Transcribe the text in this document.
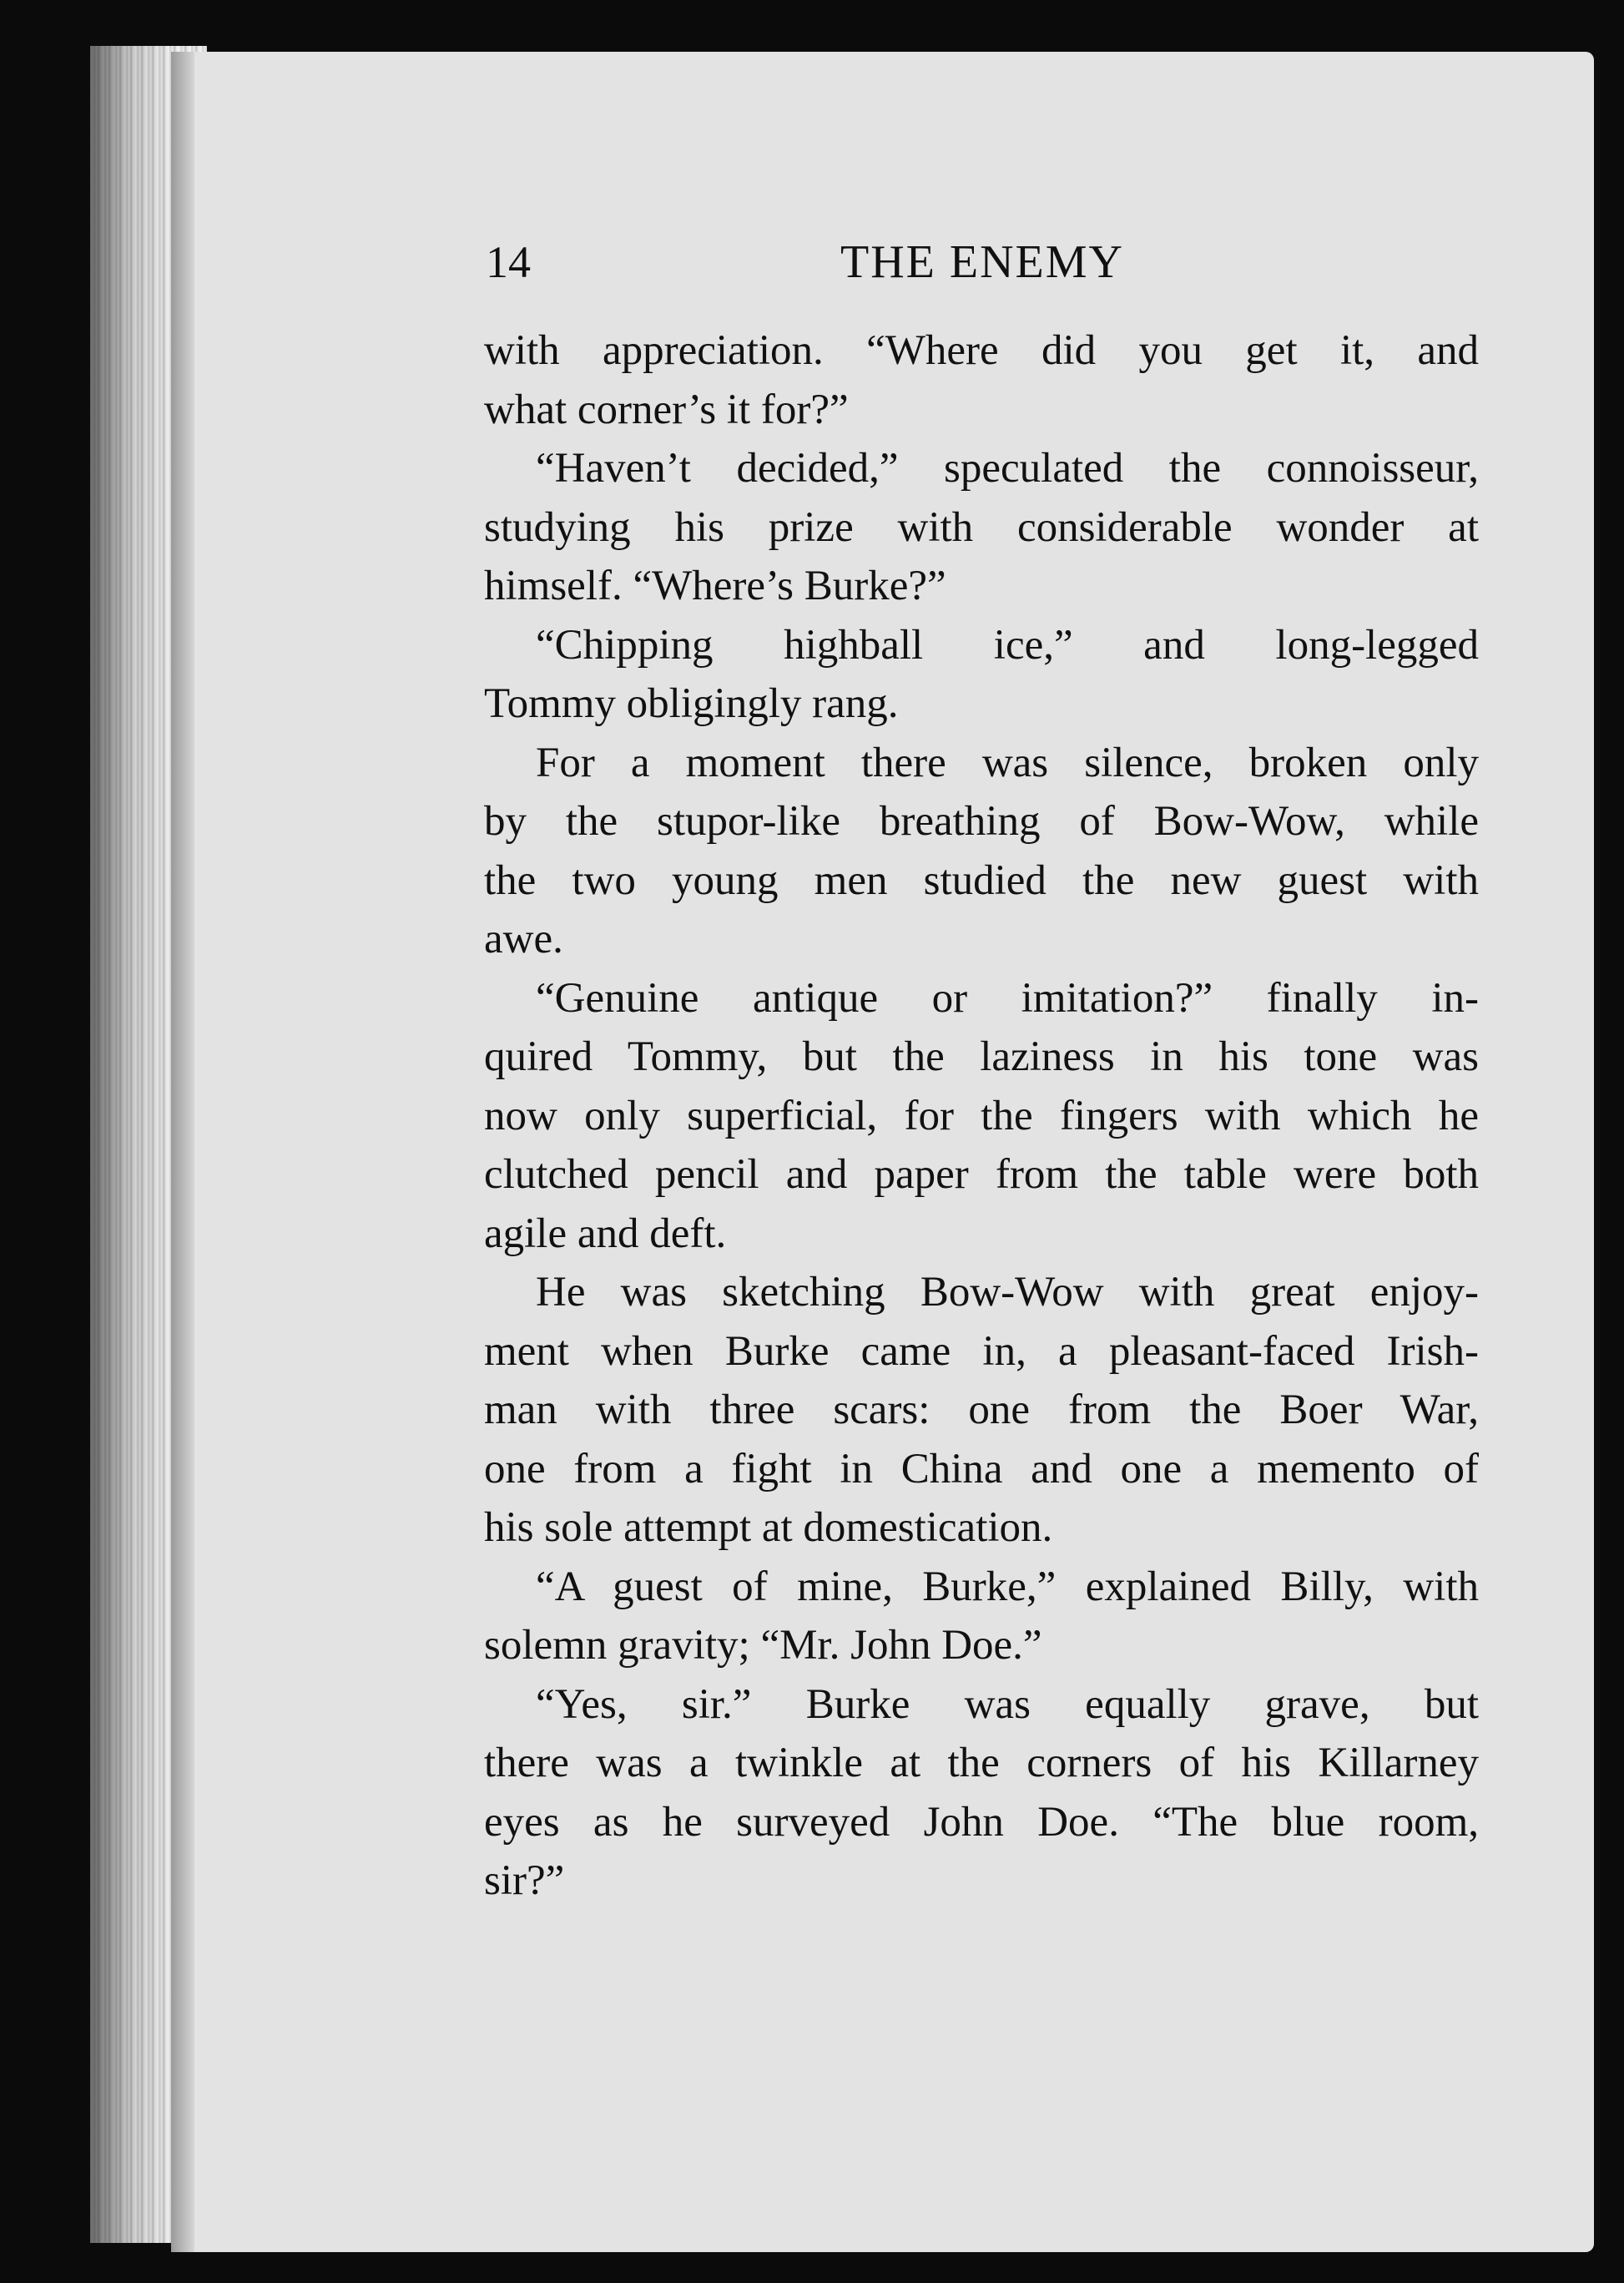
14	THE ENEMY
with appreciation. “Where did you get it, and
what corner’s it for?”
“Haven’t decided,” speculated the connoisseur,
studying his prize with considerable wonder at
himself. “Where’s Burke?”
“Chipping highball ice,” and long-legged
Tommy obligingly rang.
For a moment there was silence, broken only
by the stupor-like breathing of Bow-Wow, while
the two young men studied the new guest with
awe.
“Genuine antique or imitation?” finally in-
quired Tommy, but the laziness in his tone was
now only superficial, for the fingers with which he
clutched pencil and paper from the table were both
agile and deft.
He was sketching Bow-Wow with great enjoy-
ment when Burke came in, a pleasant-faced Irish-
man with three scars: one from the Boer War,
one from a fight in China and one a memento of
his sole attempt at domestication.
“A guest of mine, Burke,” explained Billy, with
solemn gravity; “Mr. John Doe.”
“Yes, sir.” Burke was equally grave, but
there was a twinkle at the corners of his Killarney
eyes as he surveyed John Doe. “The blue room,
sir?”
